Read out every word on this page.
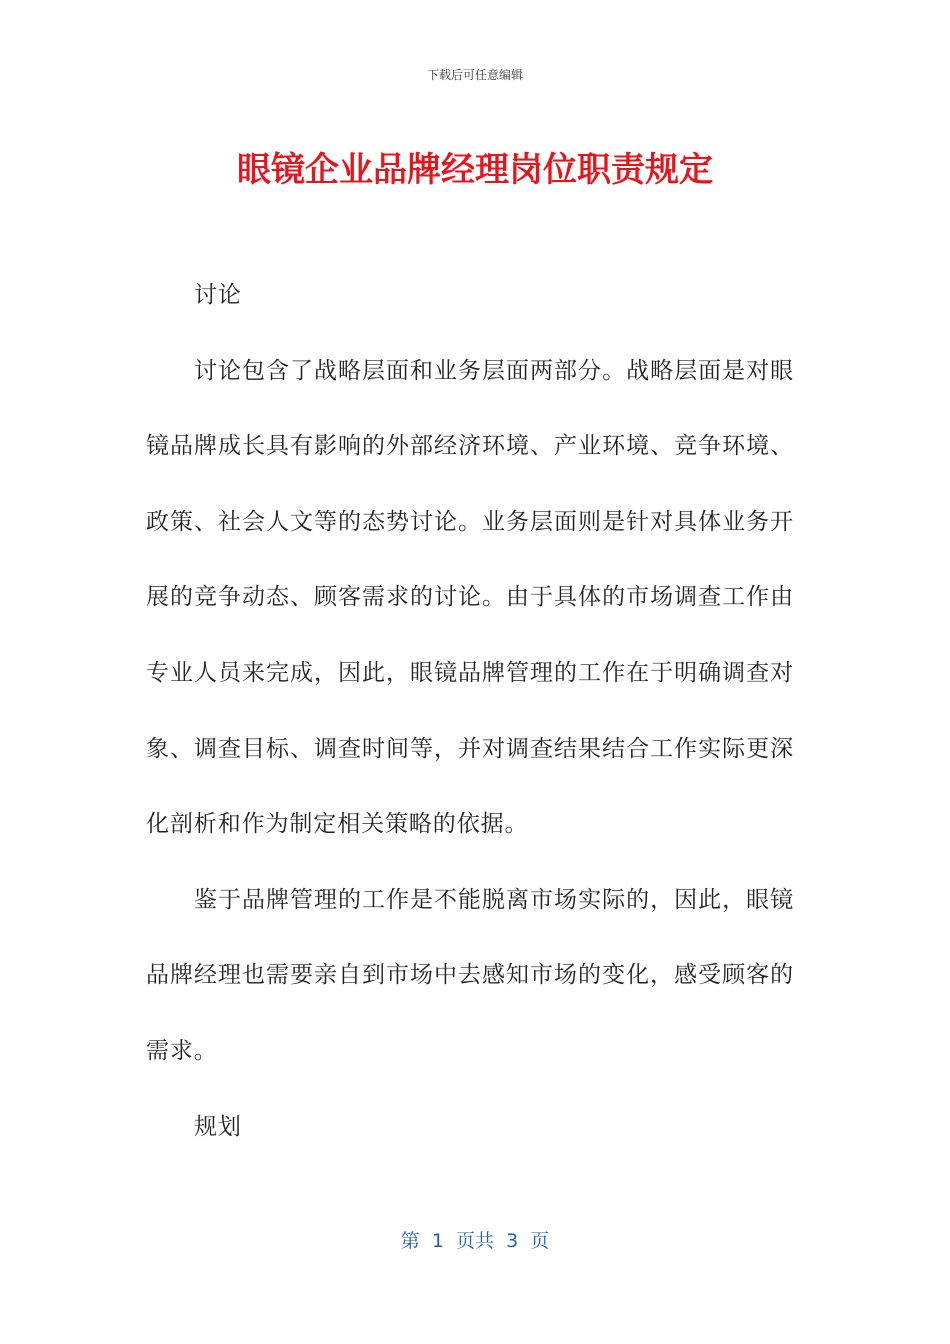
下载后可任意编辑
眼镜企业品牌经理岗位职责规定

讨论

讨论包含了战略层面和业务层面两部分。战略层面是对眼镜品牌成长具有影响的外部经济环境、产业环境、竞争环境、政策、社会人文等的态势讨论。业务层面则是针对具体业务开展的竞争动态、顾客需求的讨论。由于具体的市场调查工作由专业人员来完成，因此，眼镜品牌管理的工作在于明确调查对象、调查目标、调查时间等，并对调查结果结合工作实际更深化剖析和作为制定相关策略的依据。

鉴于品牌管理的工作是不能脱离市场实际的，因此，眼镜品牌经理也需要亲自到市场中去感知市场的变化，感受顾客的需求。

规划

第  1  页共  3  页
